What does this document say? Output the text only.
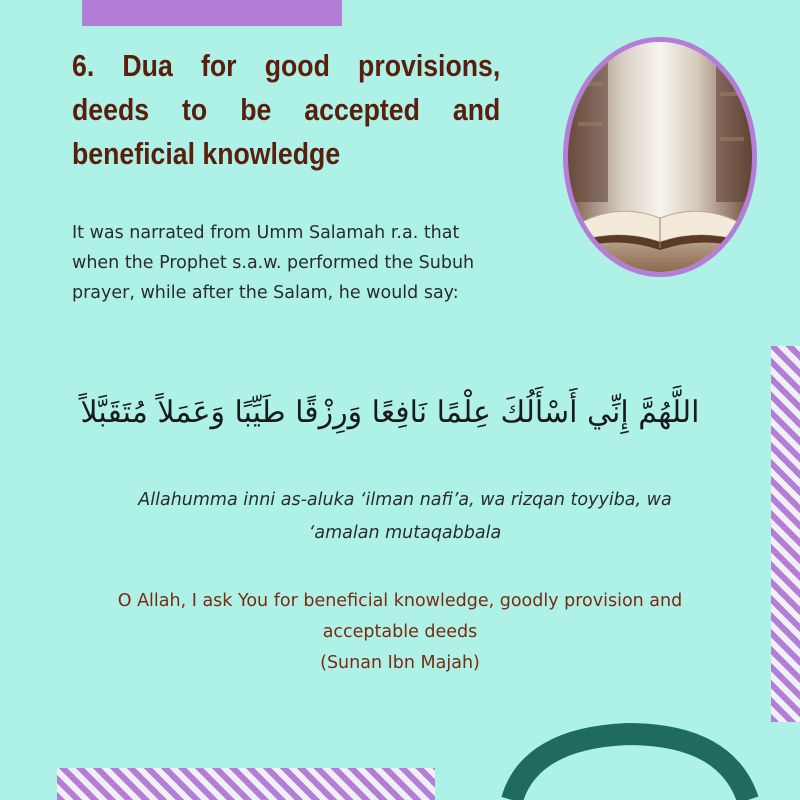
6. Dua for good provisions, deeds to be accepted and beneficial knowledge

It was narrated from Umm Salamah r.a. that
when the Prophet s.a.w. performed the Subuh
prayer, while after the Salam, he would say:

اللَّهُمَّ إِنِّي أَسْأَلُكَ عِلْمًا نَافِعًا وَرِزْقًا طَيِّبًا وَعَمَلاً مُتَقَبَّلاً

Allahumma inni as-aluka ‘ilman nafi’a, wa rizqan toyyiba, wa
‘amalan mutaqabbala

O Allah, I ask You for beneficial knowledge, goodly provision and
acceptable deeds

(Sunan Ibn Majah)
